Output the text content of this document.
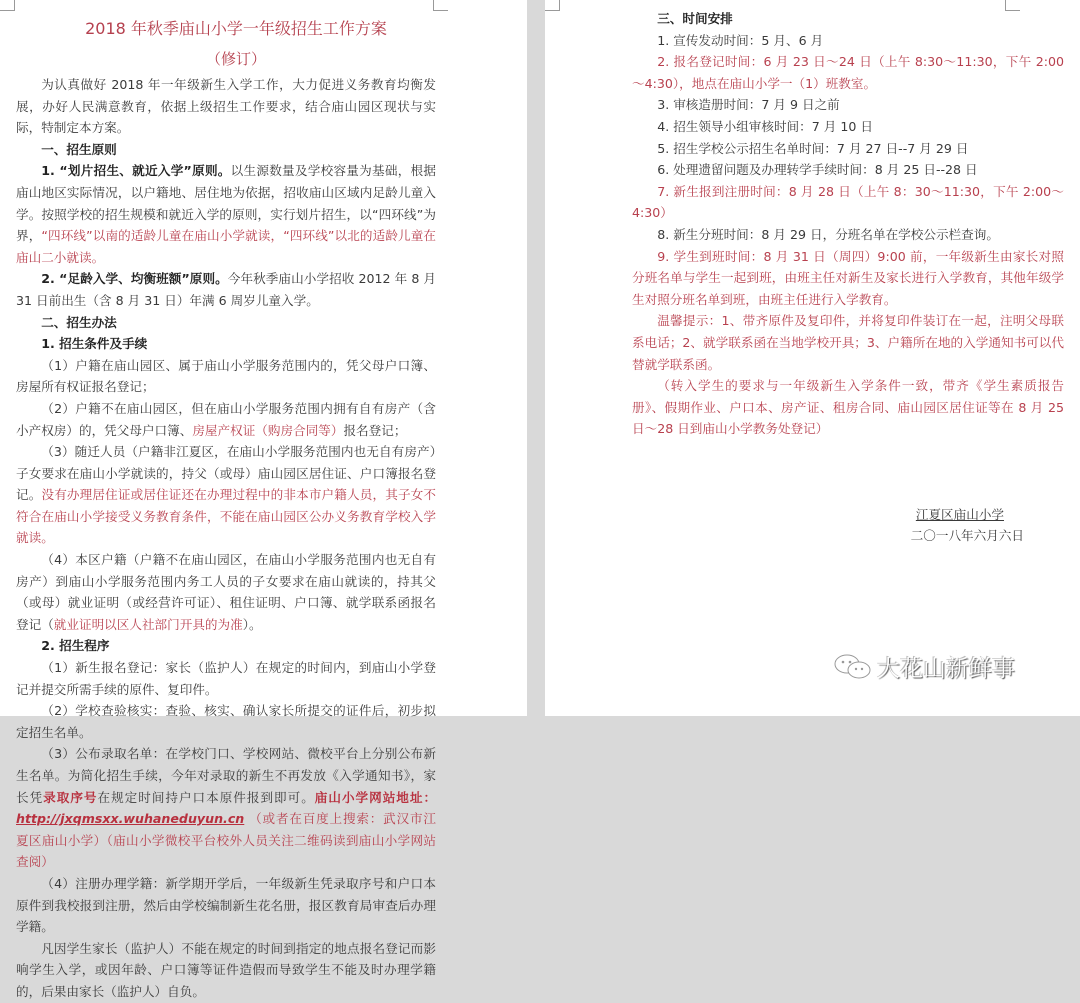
2018 年秋季庙山小学一年级招生工作方案
（修订）

为认真做好 2018 年一年级新生入学工作，大力促进义务教育均衡发展，办好人民满意教育，依据上级招生工作要求，结合庙山园区现状与实际，特制定本方案。

一、招生原则

1. “划片招生、就近入学”原则。以生源数量及学校容量为基础，根据庙山地区实际情况，以户籍地、居住地为依据，招收庙山区域内足龄儿童入学。按照学校的招生规模和就近入学的原则，实行划片招生，以“四环线”为界，“四环线”以南的适龄儿童在庙山小学就读，“四环线”以北的适龄儿童在庙山二小就读。

2. “足龄入学、均衡班额”原则。今年秋季庙山小学招收 2012 年 8 月 31 日前出生（含 8 月 31 日）年满 6 周岁儿童入学。

二、招生办法

1. 招生条件及手续

（1）户籍在庙山园区、属于庙山小学服务范围内的，凭父母户口簿、房屋所有权证报名登记；

（2）户籍不在庙山园区，但在庙山小学服务范围内拥有自有房产（含小产权房）的，凭父母户口簿、房屋产权证（购房合同等）报名登记；

（3）随迁人员（户籍非江夏区，在庙山小学服务范围内也无自有房产）子女要求在庙山小学就读的，持父（或母）庙山园区居住证、户口簿报名登记。没有办理居住证或居住证还在办理过程中的非本市户籍人员，其子女不符合在庙山小学接受义务教育条件，不能在庙山园区公办义务教育学校入学就读。

（4）本区户籍（户籍不在庙山园区，在庙山小学服务范围内也无自有房产）到庙山小学服务范围内务工人员的子女要求在庙山就读的，持其父（或母）就业证明（或经营许可证）、租住证明、户口簿、就学联系函报名登记（就业证明以区人社部门开具的为准）。

2. 招生程序

（1）新生报名登记：家长（监护人）在规定的时间内，到庙山小学登记并提交所需手续的原件、复印件。

（2）学校查验核实：查验、核实、确认家长所提交的证件后，初步拟定招生名单。

（3）公布录取名单：在学校门口、学校网站、微校平台上分别公布新生名单。为简化招生手续，今年对录取的新生不再发放《入学通知书》，家长凭录取序号在规定时间持户口本原件报到即可。庙山小学网站地址：http://jxqmsxx.wuhaneduyun.cn （或者在百度上搜索：武汉市江夏区庙山小学）（庙山小学微校平台校外人员关注二维码读到庙山小学网站查阅）

（4）注册办理学籍：新学期开学后，一年级新生凭录取序号和户口本原件到我校报到注册，然后由学校编制新生花名册，报区教育局审查后办理学籍。

凡因学生家长（监护人）不能在规定的时间到指定的地点报名登记而影响学生入学，或因年龄、户口簿等证件造假而导致学生不能及时办理学籍的，后果由家长（监护人）自负。

三、时间安排

1. 宣传发动时间：5 月、6 月

2. 报名登记时间：6 月 23 日～24 日（上午 8:30～11:30，下午 2:00～4:30），地点在庙山小学一（1）班教室。

3. 审核造册时间：7 月 9 日之前

4. 招生领导小组审核时间：7 月 10 日

5. 招生学校公示招生名单时间：7 月 27 日--7 月 29 日

6. 处理遗留问题及办理转学手续时间：8 月 25 日--28 日

7. 新生报到注册时间：8 月 28 日（上午 8：30～11:30，下午 2:00～4:30）

8. 新生分班时间：8 月 29 日，分班名单在学校公示栏查询。

9. 学生到班时间：8 月 31 日（周四）9:00 前，一年级新生由家长对照分班名单与学生一起到班，由班主任对新生及家长进行入学教育，其他年级学生对照分班名单到班，由班主任进行入学教育。

温馨提示：1、带齐原件及复印件，并将复印件装订在一起，注明父母联系电话；2、就学联系函在当地学校开具；3、户籍所在地的入学通知书可以代替就学联系函。

（转入学生的要求与一年级新生入学条件一致，带齐《学生素质报告册》、假期作业、户口本、房产证、租房合同、庙山园区居住证等在 8 月 25 日～28 日到庙山小学教务处登记）

江夏区庙山小学

二〇一八年六月六日

大花山新鲜事
